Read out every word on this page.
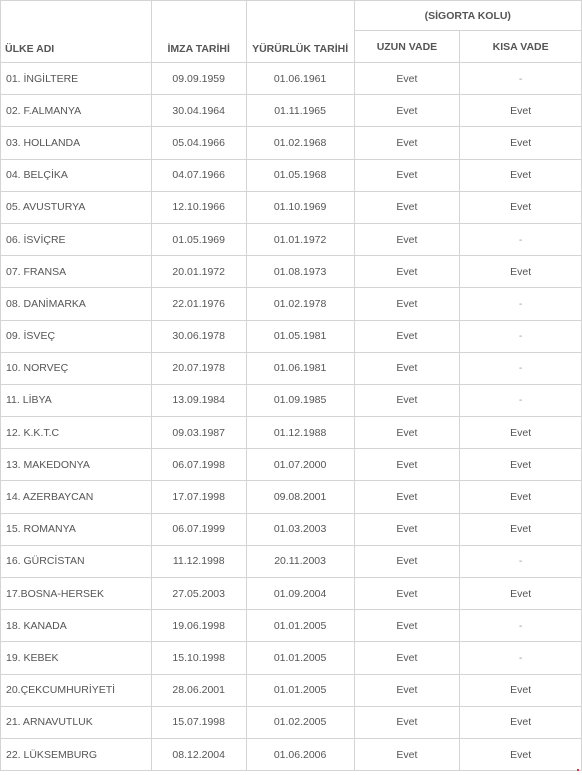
ÜLKE ADI	İMZA TARİHİ	YÜRÜRLÜK TARİHİ	(SİGORTA KOLU)	
			UZUN VADE	KISA VADE
01. İNGİLTERE	09.09.1959	01.06.1961	Evet	-
02. F.ALMANYA	30.04.1964	01.11.1965	Evet	Evet
03. HOLLANDA	05.04.1966	01.02.1968	Evet	Evet
04. BELÇİKA	04.07.1966	01.05.1968	Evet	Evet
05. AVUSTURYA	12.10.1966	01.10.1969	Evet	Evet
06. İSVİÇRE	01.05.1969	01.01.1972	Evet	-
07. FRANSA	20.01.1972	01.08.1973	Evet	Evet
08. DANİMARKA	22.01.1976	01.02.1978	Evet	-
09. İSVEÇ	30.06.1978	01.05.1981	Evet	-
10. NORVEÇ	20.07.1978	01.06.1981	Evet	-
11. LİBYA	13.09.1984	01.09.1985	Evet	-
12. K.K.T.C	09.03.1987	01.12.1988	Evet	Evet
13. MAKEDONYA	06.07.1998	01.07.2000	Evet	Evet
14. AZERBAYCAN	17.07.1998	09.08.2001	Evet	Evet
15. ROMANYA	06.07.1999	01.03.2003	Evet	Evet
16. GÜRCİSTAN	11.12.1998	20.11.2003	Evet	-
17.BOSNA-HERSEK	27.05.2003	01.09.2004	Evet	Evet
18. KANADA	19.06.1998	01.01.2005	Evet	-
19. KEBEK	15.10.1998	01.01.2005	Evet	-
20.ÇEKCUMHURİYETİ	28.06.2001	01.01.2005	Evet	Evet
21. ARNAVUTLUK	15.07.1998	01.02.2005	Evet	Evet
22. LÜKSEMBURG	08.12.2004	01.06.2006	Evet	Evet
